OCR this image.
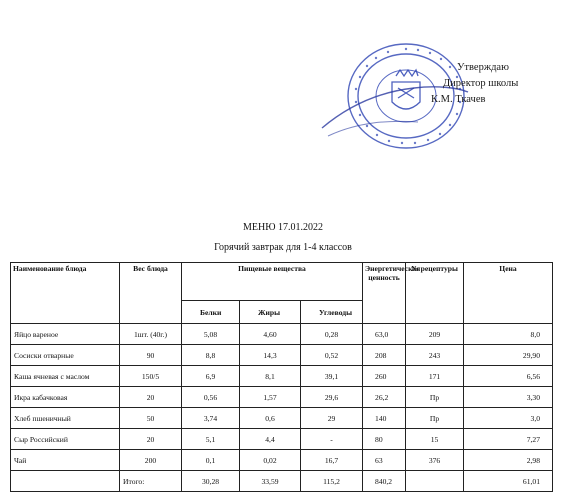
Утверждаю
Директор школы
К.М. Ткачев
МЕНЮ 17.01.2022
Горячий завтрак для 1-4 классов
Наименование блюда	Вес блюда	Пищевые вещества			Энергетическая ценность	№ рецептуры	Цена
		Белки	Жиры	Углеводы			
Яйцо вареное	1шт. (40г.)	5,08	4,60	0,28	63,0	209	8,0
Сосиски отварные	90	8,8	14,3	0,52	208	243	29,90
Каша ячневая с маслом	150/5	6,9	8,1	39,1	260	171	6,56
Икра кабачковая	20	0,56	1,57	29,6	26,2	Пр	3,30
Хлеб пшеничный	50	3,74	0,6	29	140	Пр	3,0
Сыр Российский	20	5,1	4,4	-	80	15	7,27
Чай	200	0,1	0,02	16,7	63	376	2,98
	Итого:	30,28	33,59	115,2	840,2		61,01
